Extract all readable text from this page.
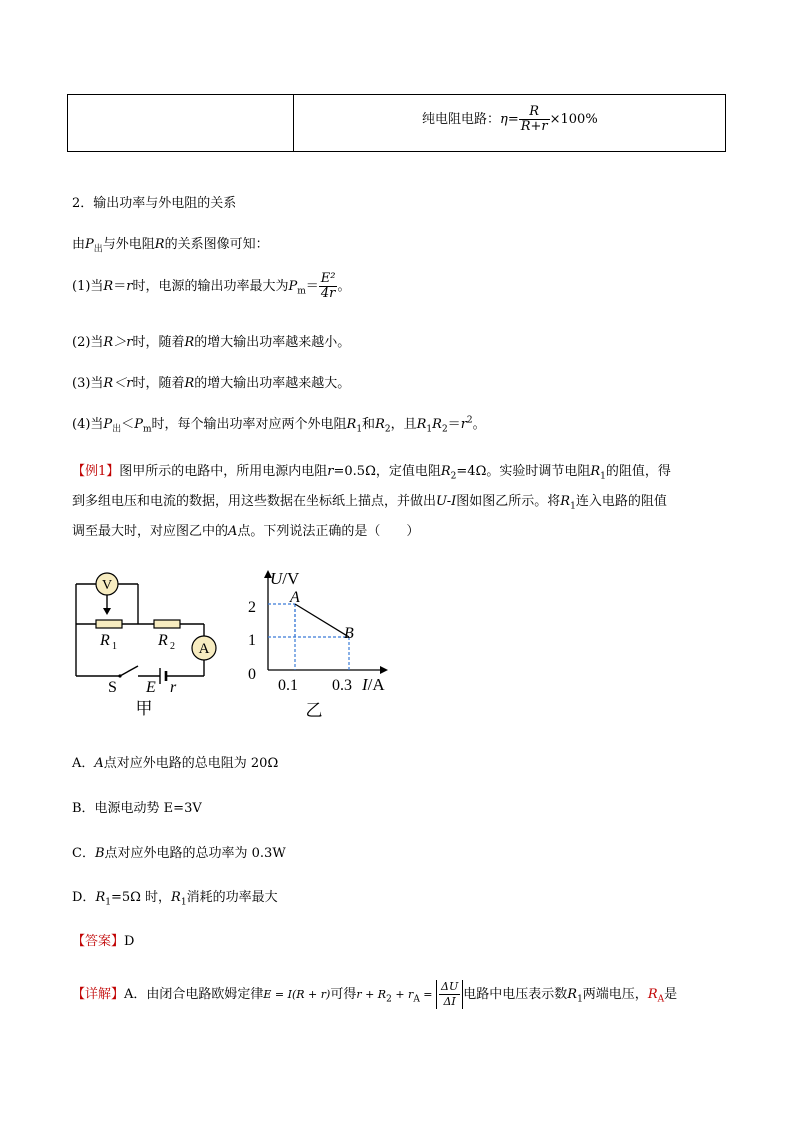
纯电阻电路：$\eta= \frac{R}{R+r} \times 100\%$
2．输出功率与外电阻的关系
由$P_出$与外电阻R的关系图像可知：
(1)当R＝r时，电源的输出功率最大为$P_m= \frac{\text{E²}}{4r}$ 。
(2)当R＞r时，随着R的增大输出功率越来越小。
(3)当R＜r时，随着R的增大输出功率越来越大。
(4)当$P_出<P_m$时，每个输出功率对应两个外电阻$R_1$和$R_2$，且$R_1R_2=r^2$。
【例1】图甲所示的电路中，所用电源内电阻r=0.5Ω，定值电阻$R_2=4\Omega$。实验时调节电阻$R_1$的阻值，得
到多组电压和电流的数据，用这些数据在坐标纸上描点，并做出U-I图如图乙所示。将$R_1$连入电路的阻值
调至最大时，对应图乙中的A点。下列说法正确的是（　　）
V
A
R 1	R 2
S E r
甲
U/V
2
1
0
0.1 0.3 I/A
A
B
乙
A．A点对应外电路的总电阻为 20Ω
B．电源电动势 E=3V
C．B点对应外电路的总功率为 0.3W
D．$R_1=5\Omega$ 时，$R_1$消耗的功率最大
【答案】D
【详解】A．由闭合电路欧姆定律E = I(R + r)可得$r + R_2 + r_A = \frac{\Delta U}{\Delta I}$ 电路中电压表示数$R_1$两端电压，$R_A$是
